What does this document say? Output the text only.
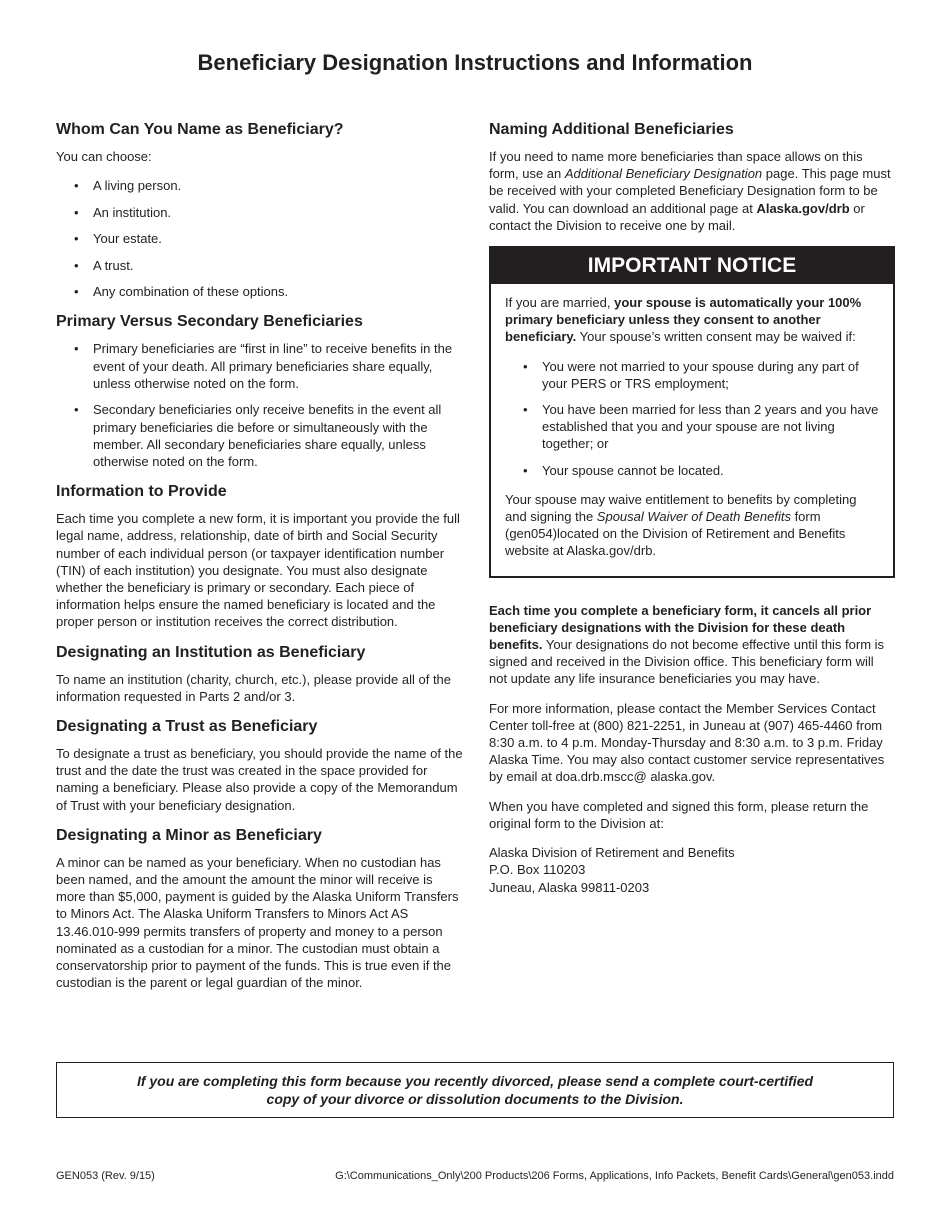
Beneficiary Designation Instructions and Information
Whom Can You Name as Beneficiary?

You can choose:

• A living person.
• An institution.
• Your estate.
• A trust.
• Any combination of these options.
Primary Versus Secondary Beneficiaries
• Primary beneficiaries are “first in line” to receive benefits in the event of your death. All primary beneficiaries share equally, unless otherwise noted on the form.
• Secondary beneficiaries only receive benefits in the event all primary beneficiaries die before or simultaneously with the member. All secondary beneficiaries share equally, unless otherwise noted on the form.
Information to Provide

Each time you complete a new form, it is important you provide the full legal name, address, relationship, date of birth and Social Security number of each individual person (or taxpayer identification number (TIN) of each institution) you designate. You must also designate whether the beneficiary is primary or secondary. Each piece of information helps ensure the named beneficiary is located and the proper person or institution receives the correct distribution.

Designating an Institution as Beneficiary

To name an institution (charity, church, etc.), please provide all of the information requested in Parts 2 and/or 3.

Designating a Trust as Beneficiary

To designate a trust as beneficiary, you should provide the name of the trust and the date the trust was created in the space provided for naming a beneficiary. Please also provide a copy of the Memorandum of Trust with your beneficiary designation.

Designating a Minor as Beneficiary

A minor can be named as your beneficiary. When no custodian has been named, and the amount the amount the minor will receive is more than $5,000, payment is guided by the Alaska Uniform Transfers to Minors Act. The Alaska Uniform Transfers to Minors Act AS 13.46.010-999 permits transfers of property and money to a person nominated as a custodian for a minor. The custodian must obtain a conservatorship prior to payment of the funds. This is true even if the custodian is the parent or legal guardian of the minor.

Naming Additional Beneficiaries

If you need to name more beneficiaries than space allows on this form, use an Additional Beneficiary Designation page. This page must be received with your completed Beneficiary Designation form to be valid. You can download an additional page at Alaska.gov/drb or contact the Division to receive one by mail.

IMPORTANT NOTICE

If you are married, your spouse is automatically your 100% primary beneficiary unless they consent to another beneficiary. Your spouse’s written consent may be waived if:

• You were not married to your spouse during any part of your PERS or TRS employment;
• You have been married for less than 2 years and you have established that you and your spouse are not living together; or
• Your spouse cannot be located.

Your spouse may waive entitlement to benefits by completing and signing the Spousal Waiver of Death Benefits form (gen054)located on the Division of Retirement and Benefits website at Alaska.gov/drb.

Each time you complete a beneficiary form, it cancels all prior beneficiary designations with the Division for these death benefits. Your designations do not become effective until this form is signed and received in the Division office. This beneficiary form will not update any life insurance beneficiaries you may have.

For more information, please contact the Member Services Contact Center toll-free at (800) 821-2251, in Juneau at (907) 465-4460 from 8:30 a.m. to 4 p.m. Monday-Thursday and 8:30 a.m. to 3 p.m. Friday Alaska Time. You may also contact customer service representatives by email at doa.drb.mscc@ alaska.gov.

When you have completed and signed this form, please return the original form to the Division at:

Alaska Division of Retirement and Benefits

P.O. Box 110203

Juneau, Alaska 99811-0203

If you are completing this form because you recently divorced, please send a complete court-certified copy of your divorce or dissolution documents to the Division.
GEN053 (Rev. 9/15)	G:\Communications_Only\200 Products\206 Forms, Applications, Info Packets, Benefit Cards\General\gen053.indd
